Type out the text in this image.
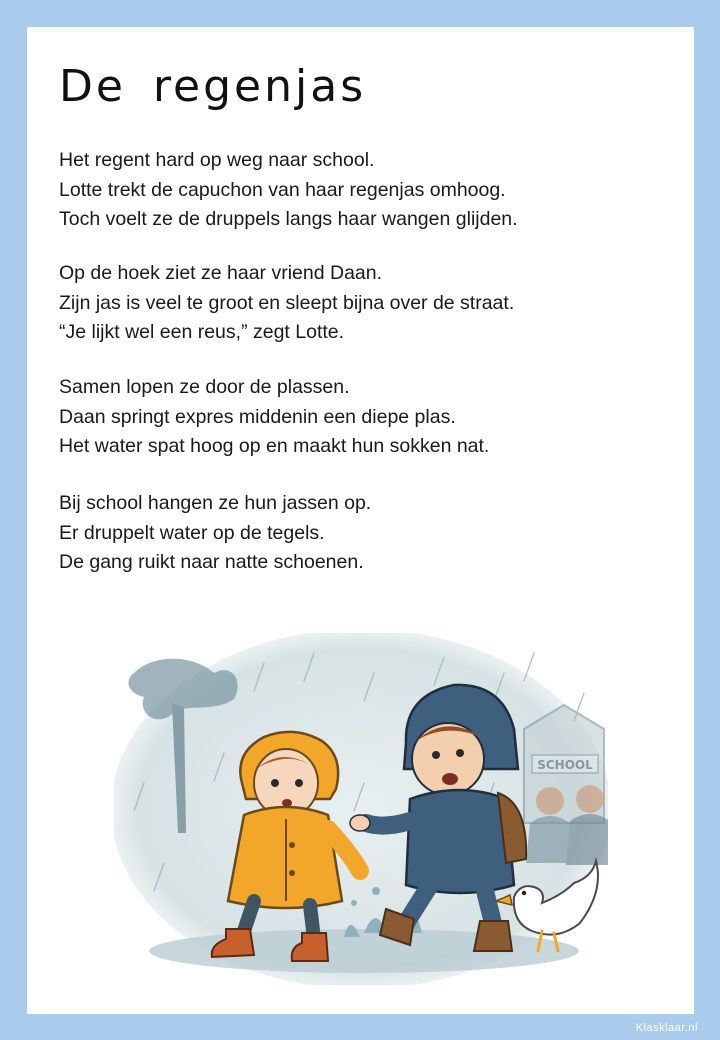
De regenjas

Het regent hard op weg naar school.
Lotte trekt de capuchon van haar regenjas omhoog.
Toch voelt ze de druppels langs haar wangen glijden.

Op de hoek ziet ze haar vriend Daan.
Zijn jas is veel te groot en sleept bijna over de straat.
“Je lijkt wel een reus,” zegt Lotte.

Samen lopen ze door de plassen.
Daan springt expres middenin een diepe plas.
Het water spat hoog op en maakt hun sokken nat.

Bij school hangen ze hun jassen op.
Er druppelt water op de tegels.
De gang ruikt naar natte schoenen.

SCHOOL
Klasklaar.nl
